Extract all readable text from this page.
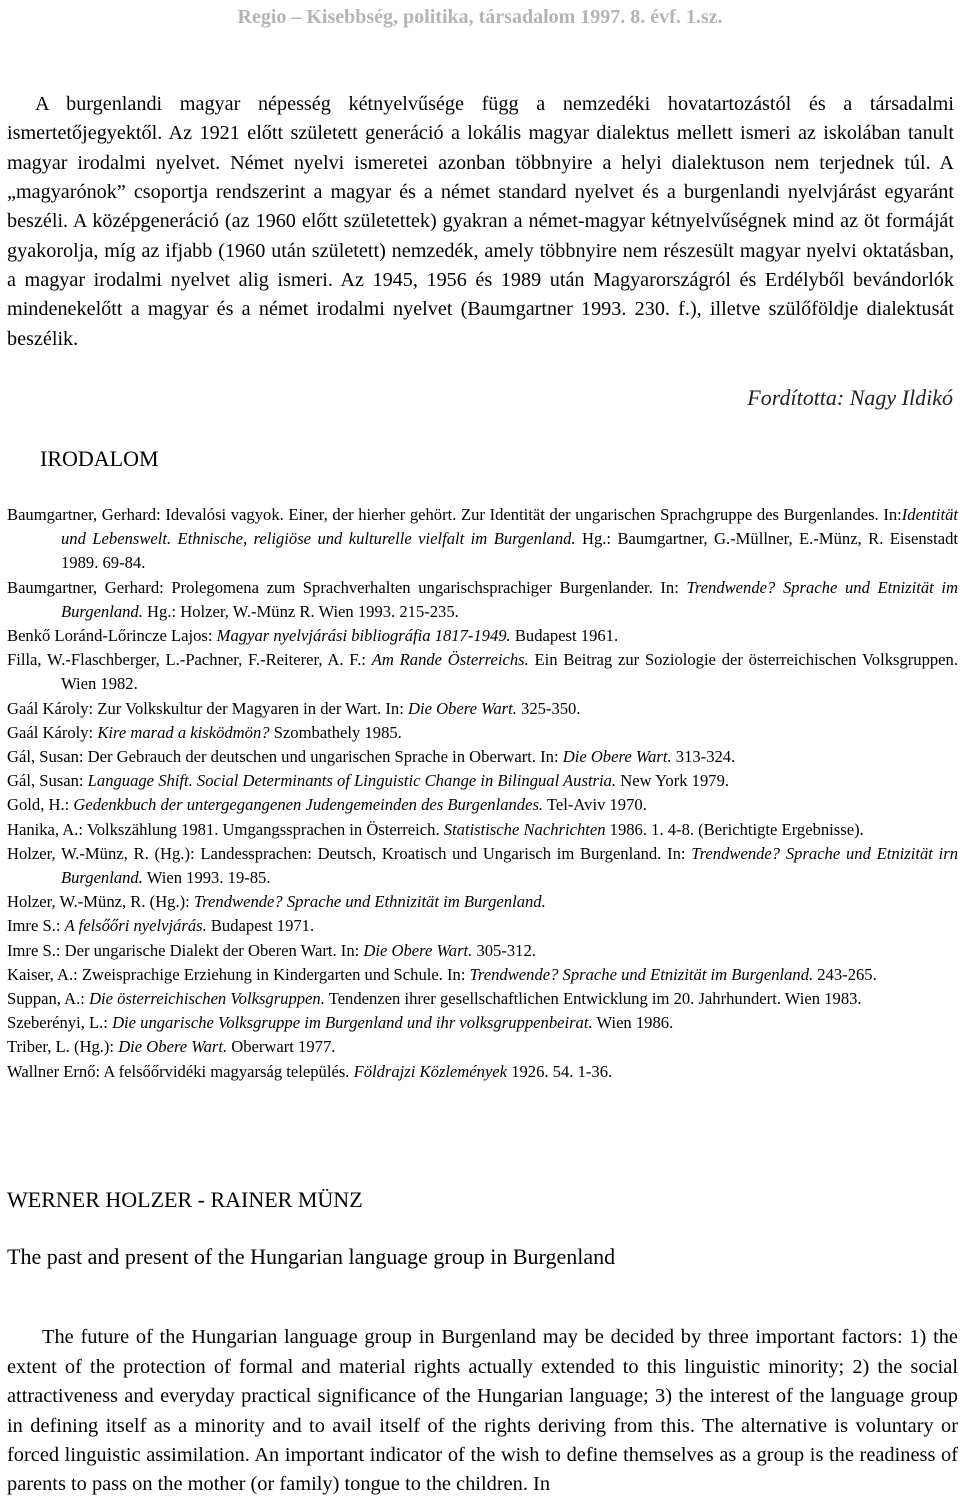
Regio – Kisebbség, politika, társadalom 1997. 8. évf. 1.sz.

A burgenlandi magyar népesség kétnyelvűsége függ a nemzedéki hovatartozástól és a társadalmi ismertetőjegyektől. Az 1921 előtt született generáció a lokális magyar dialektus mellett ismeri az iskolában tanult magyar irodalmi nyelvet. Német nyelvi ismeretei azonban többnyire a helyi dialektuson nem terjednek túl. A „magyarónok” csoportja rendszerint a magyar és a német standard nyelvet és a burgenlandi nyelvjárást egyaránt beszéli. A középgeneráció (az 1960 előtt születettek) gyakran a német-magyar kétnyelvűségnek mind az öt formáját gyakorolja, míg az ifjabb (1960 után született) nemzedék, amely többnyire nem részesült magyar nyelvi oktatásban, a magyar irodalmi nyelvet alig ismeri. Az 1945, 1956 és 1989 után Magyarországról és Erdélyből bevándorlók mindenekelőtt a magyar és a német irodalmi nyelvet (Baumgartner 1993. 230. f.), illetve szülőföldje dialektusát beszélik.

Fordította: Nagy Ildikó
IRODALOM

Baumgartner, Gerhard: Idevalósi vagyok. Einer, der hierher gehört. Zur Identität der ungarischen Sprachgruppe des Burgenlandes. In:Identität und Lebenswelt. Ethnische, religiöse und kulturelle vielfalt im Burgenland. Hg.: Baumgartner, G.-Müllner, E.-Münz, R. Eisenstadt 1989. 69-84.

Baumgartner, Gerhard: Prolegomena zum Sprachverhalten ungarischsprachiger Burgenlander. In: Trendwende? Sprache und Etnizität im Burgenland. Hg.: Holzer, W.-Münz R. Wien 1993. 215-235.

Benkő Loránd-Lőrincze Lajos: Magyar nyelvjárási bibliográfia 1817-1949. Budapest 1961.

Filla, W.-Flaschberger, L.-Pachner, F.-Reiterer, A. F.: Am Rande Österreichs. Ein Beitrag zur Soziologie der österreichischen Volksgruppen. Wien 1982.

Gaál Károly: Zur Volkskultur der Magyaren in der Wart. In: Die Obere Wart. 325-350.

Gaál Károly: Kire marad a kisködmön? Szombathely 1985.

Gál, Susan: Der Gebrauch der deutschen und ungarischen Sprache in Oberwart. In: Die Obere Wart. 313-324.

Gál, Susan: Language Shift. Social Determinants of Linguistic Change in Bilingual Austria. New York 1979.

Gold, H.: Gedenkbuch der untergegangenen Judengemeinden des Burgenlandes. Tel-Aviv 1970.

Hanika, A.: Volkszählung 1981. Umgangssprachen in Österreich. Statistische Nachrichten 1986. 1. 4-8. (Berichtigte Ergebnisse).

Holzer, W.-Münz, R. (Hg.): Landessprachen: Deutsch, Kroatisch und Ungarisch im Burgenland. In: Trendwende? Sprache und Etnizität irn Burgenland. Wien 1993. 19-85.

Holzer, W.-Münz, R. (Hg.): Trendwende? Sprache und Ethnizität im Burgenland.

Imre S.: A felsőőri nyelvjárás. Budapest 1971.

Imre S.: Der ungarische Dialekt der Oberen Wart. In: Die Obere Wart. 305-312.

Kaiser, A.: Zweisprachige Erziehung in Kindergarten und Schule. In: Trendwende? Sprache und Etnizität im Burgenland. 243-265.

Suppan, A.: Die österreichischen Volksgruppen. Tendenzen ihrer gesellschaftlichen Entwicklung im 20. Jahrhundert. Wien 1983.

Szeberényi, L.: Die ungarische Volksgruppe im Burgenland und ihr volksgruppenbeirat. Wien 1986.

Triber, L. (Hg.): Die Obere Wart. Oberwart 1977.

Wallner Ernő: A felsőőrvidéki magyarság település. Földrajzi Közlemények 1926. 54. 1-36.

WERNER HOLZER - RAINER MÜNZ
The past and present of the Hungarian language group in Burgenland

The future of the Hungarian language group in Burgenland may be decided by three important factors: 1) the extent of the protection of formal and material rights actually extended to this linguistic minority; 2) the social attractiveness and everyday practical significance of the Hungarian language; 3) the interest of the language group in defining itself as a minority and to avail itself of the rights deriving from this. The alternative is voluntary or forced linguistic assimilation. An important indicator of the wish to define themselves as a group is the readiness of parents to pass on the mother (or family) tongue to the children. In
